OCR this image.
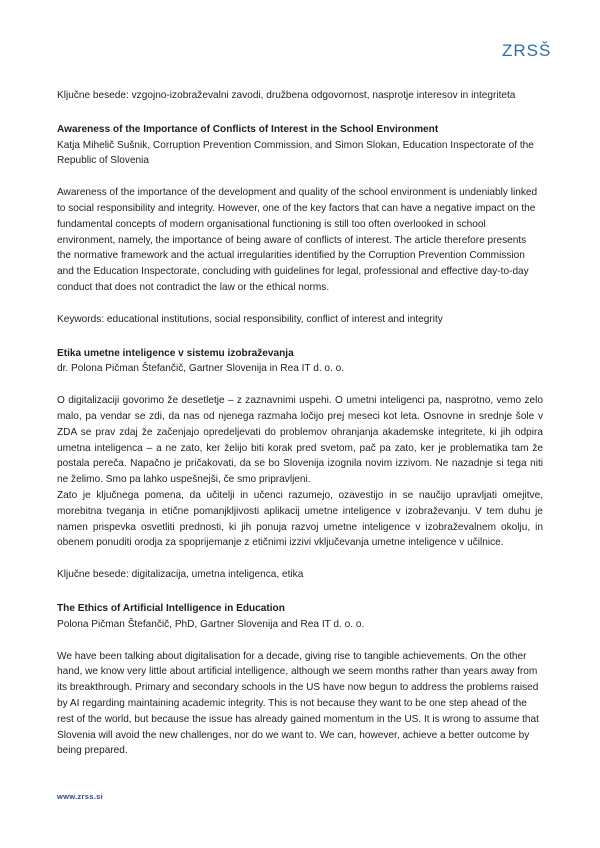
ZRSŠ

Ključne besede: vzgojno-izobraževalni zavodi, družbena odgovornost, nasprotje interesov in integriteta

Awareness of the Importance of Conflicts of Interest in the School Environment

Katja Mihelič Sušnik, Corruption Prevention Commission, and Simon Slokan, Education Inspectorate of the Republic of Slovenia

Awareness of the importance of the development and quality of the school environment is undeniably linked to social responsibility and integrity. However, one of the key factors that can have a negative impact on the fundamental concepts of modern organisational functioning is still too often overlooked in school environment, namely, the importance of being aware of conflicts of interest. The article therefore presents the normative framework and the actual irregularities identified by the Corruption Prevention Commission and the Education Inspectorate, concluding with guidelines for legal, professional and effective day-to-day conduct that does not contradict the law or the ethical norms.

Keywords: educational institutions, social responsibility, conflict of interest and integrity

Etika umetne inteligence v sistemu izobraževanja

dr. Polona Pičman Štefančič, Gartner Slovenija in Rea IT d. o. o.

O digitalizaciji govorimo že desetletje – z zaznavnimi uspehi. O umetni inteligenci pa, nasprotno, vemo zelo malo, pa vendar se zdi, da nas od njenega razmaha ločijo prej meseci kot leta. Osnovne in srednje šole v ZDA se prav zdaj že začenjajo opredeljevati do problemov ohranjanja akademske integritete, ki jih odpira umetna inteligenca – a ne zato, ker želijo biti korak pred svetom, pač pa zato, ker je problematika tam že postala pereča. Napačno je pričakovati, da se bo Slovenija izognila novim izzivom. Ne nazadnje si tega niti ne želimo. Smo pa lahko uspešnejši, če smo pripravljeni.

Zato je ključnega pomena, da učitelji in učenci razumejo, ozavestijo in se naučijo upravljati omejitve, morebitna tveganja in etične pomanjkljivosti aplikacij umetne inteligence v izobraževanju. V tem duhu je namen prispevka osvetliti prednosti, ki jih ponuja razvoj umetne inteligence v izobraževalnem okolju, in obenem ponuditi orodja za spoprijemanje z etičnimi izzivi vključevanja umetne inteligence v učilnice.

Ključne besede: digitalizacija, umetna inteligenca, etika

The Ethics of Artificial Intelligence in Education

Polona Pičman Štefančič, PhD, Gartner Slovenija and Rea IT d. o. o.

We have been talking about digitalisation for a decade, giving rise to tangible achievements. On the other hand, we know very little about artificial intelligence, although we seem months rather than years away from its breakthrough. Primary and secondary schools in the US have now begun to address the problems raised by AI regarding maintaining academic integrity. This is not because they want to be one step ahead of the rest of the world, but because the issue has already gained momentum in the US. It is wrong to assume that Slovenia will avoid the new challenges, nor do we want to. We can, however, achieve a better outcome by being prepared.

www.zrss.si
